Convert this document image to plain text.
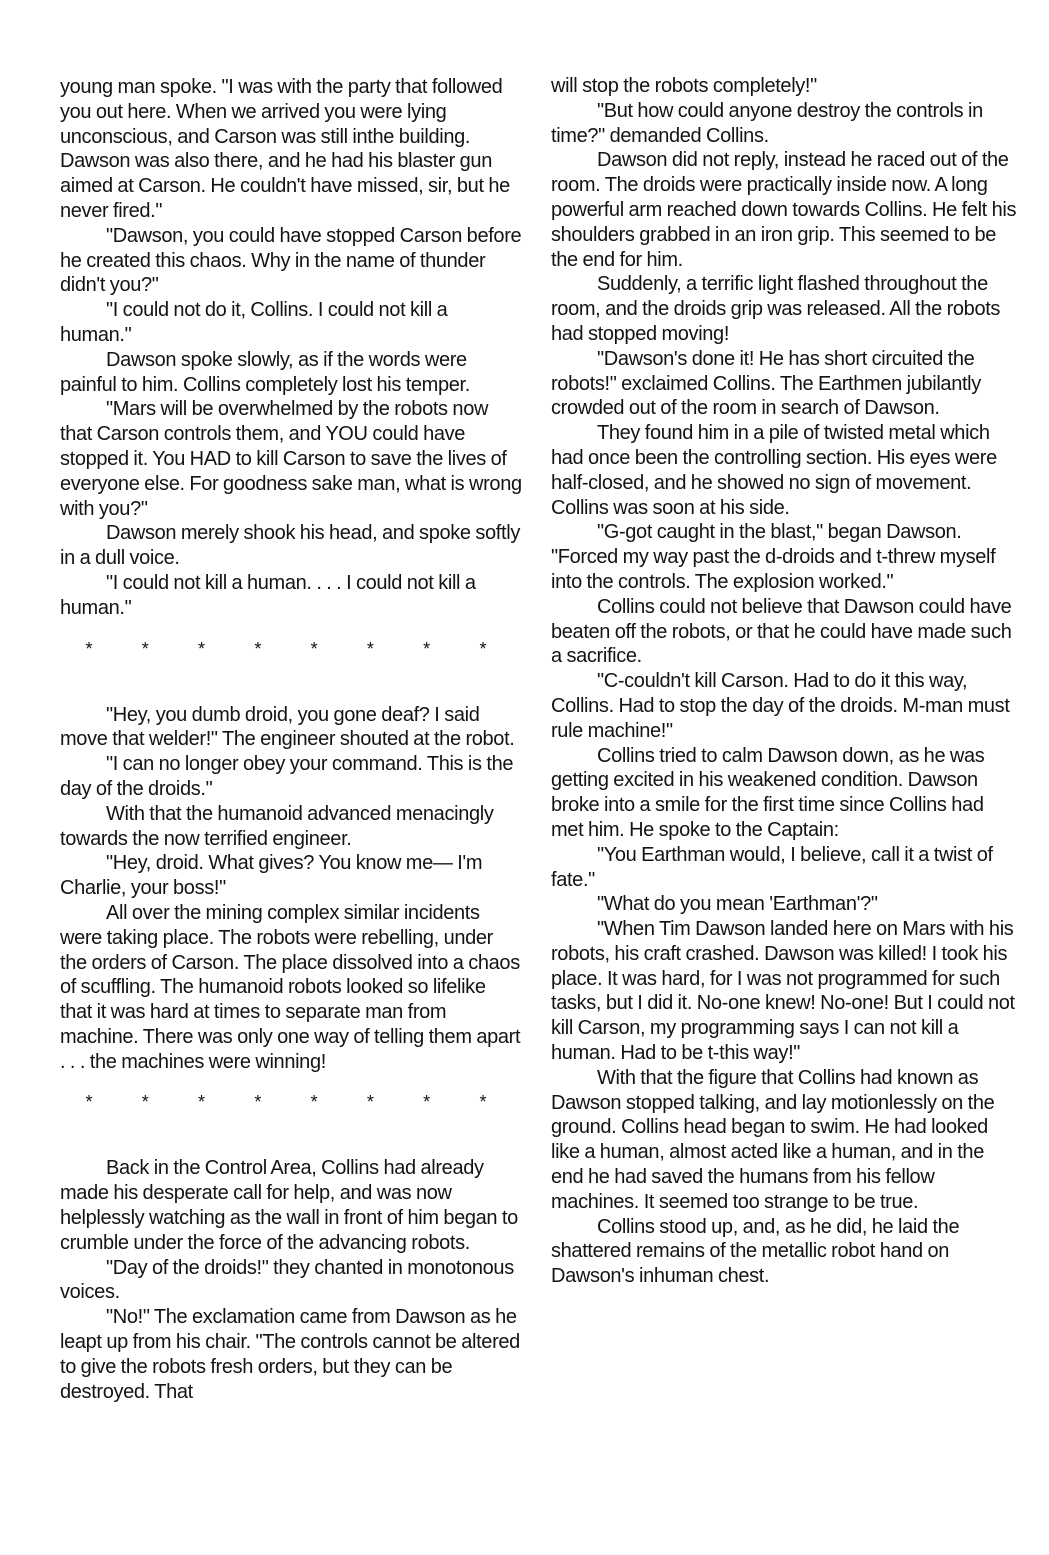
young man spoke. "I was with the party that followed you out here. When we arrived you were lying unconscious, and Carson was still inthe building. Dawson was also there, and he had his blaster gun aimed at Carson. He couldn't have missed, sir, but he never fired."

"Dawson, you could have stopped Carson before he created this chaos. Why in the name of thunder didn't you?"

"I could not do it, Collins. I could not kill a human."

Dawson spoke slowly, as if the words were painful to him. Collins completely lost his temper.

"Mars will be overwhelmed by the robots now that Carson controls them, and YOU could have stopped it. You HAD to kill Carson to save the lives of everyone else. For goodness sake man, what is wrong with you?"

Dawson merely shook his head, and spoke softly in a dull voice.

"I could not kill a human. . . . I could not kill a human."

*	*	*	*	*	*	*	*

"Hey, you dumb droid, you gone deaf? I said move that welder!" The engineer shouted at the robot.

"I can no longer obey your command. This is the day of the droids."

With that the humanoid advanced menacingly towards the now terrified engineer.

"Hey, droid. What gives? You know me— I'm Charlie, your boss!"

All over the mining complex similar incidents were taking place. The robots were rebelling, under the orders of Carson. The place dissolved into a chaos of scuffling. The humanoid robots looked so lifelike that it was hard at times to separate man from machine. There was only one way of telling them apart . . . the machines were winning!

*	*	*	*	*	*	*	*

Back in the Control Area, Collins had already made his desperate call for help, and was now helplessly watching as the wall in front of him began to crumble under the force of the advancing robots.

"Day of the droids!" they chanted in monotonous voices.

"No!" The exclamation came from Dawson as he leapt up from his chair. "The controls cannot be altered to give the robots fresh orders, but they can be destroyed. That

will stop the robots completely!"

"But how could anyone destroy the controls in time?" demanded Collins.

Dawson did not reply, instead he raced out of the room. The droids were practically inside now. A long powerful arm reached down towards Collins. He felt his shoulders grabbed in an iron grip. This seemed to be the end for him.

Suddenly, a terrific light flashed throughout the room, and the droids grip was released. All the robots had stopped moving!

"Dawson's done it! He has short circuited the robots!" exclaimed Collins. The Earthmen jubilantly crowded out of the room in search of Dawson.

They found him in a pile of twisted metal which had once been the controlling section. His eyes were half-closed, and he showed no sign of movement. Collins was soon at his side.

"G-got caught in the blast," began Dawson. "Forced my way past the d-droids and t-threw myself into the controls. The explosion worked."

Collins could not believe that Dawson could have beaten off the robots, or that he could have made such a sacrifice.

"C-couldn't kill Carson. Had to do it this way, Collins. Had to stop the day of the droids. M-man must rule machine!"

Collins tried to calm Dawson down, as he was getting excited in his weakened condition. Dawson broke into a smile for the first time since Collins had met him. He spoke to the Captain:

"You Earthman would, I believe, call it a twist of fate."

"What do you mean 'Earthman'?"

"When Tim Dawson landed here on Mars with his robots, his craft crashed. Dawson was killed! I took his place. It was hard, for I was not programmed for such tasks, but I did it. No-one knew! No-one! But I could not kill Carson, my programming says I can not kill a human. Had to be t-this way!"

With that the figure that Collins had known as Dawson stopped talking, and lay motionlessly on the ground. Collins head began to swim. He had looked like a human, almost acted like a human, and in the end he had saved the humans from his fellow machines. It seemed too strange to be true.

Collins stood up, and, as he did, he laid the shattered remains of the metallic robot hand on Dawson's inhuman chest.
